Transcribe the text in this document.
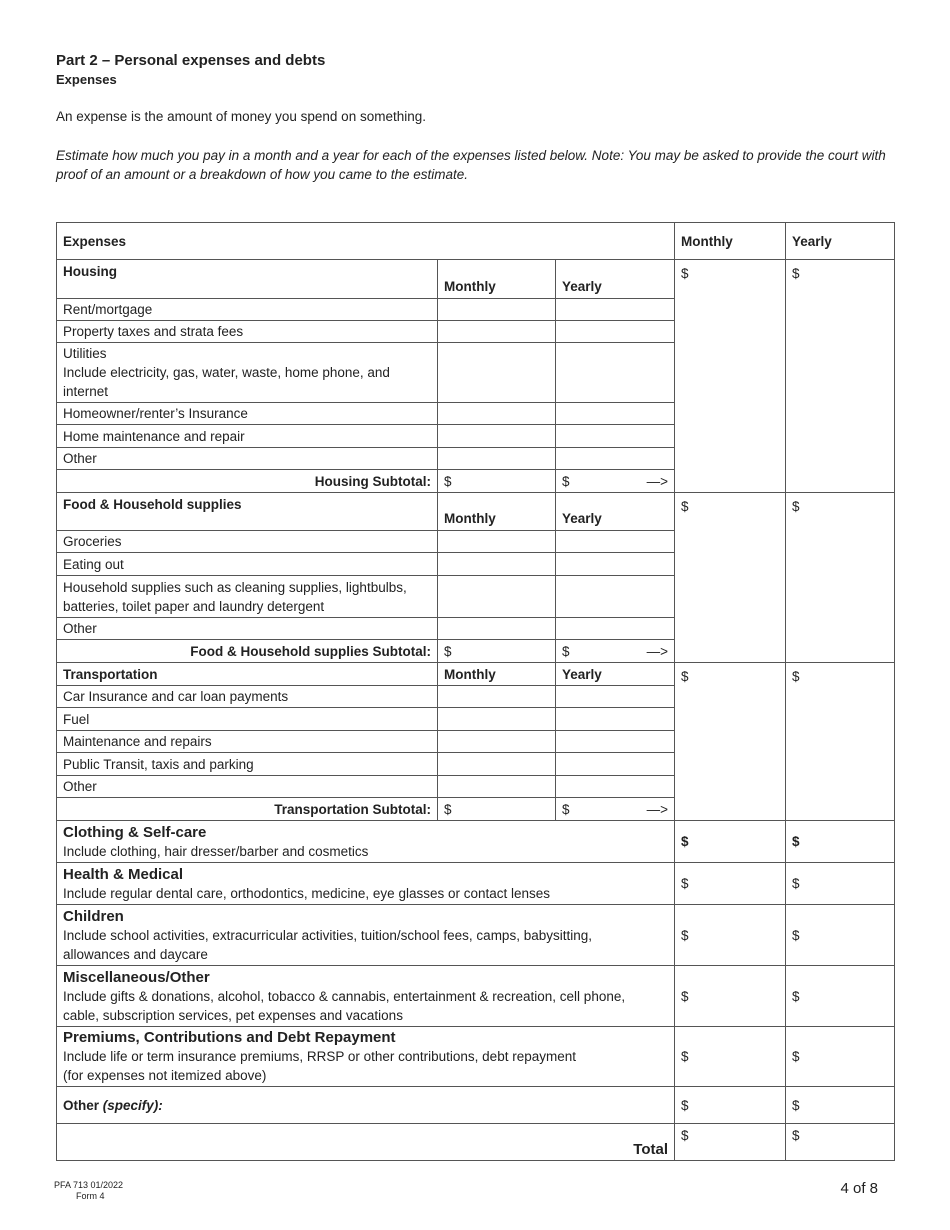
Part 2 – Personal expenses and debts
Expenses
An expense is the amount of money you spend on something.
Estimate how much you pay in a month and a year for each of the expenses listed below. Note: You may be asked to provide the court with proof of an amount or a breakdown of how you came to the estimate.
Expenses			Monthly	Yearly
Housing	Monthly	Yearly	$	$
Rent/mortgage				
Property taxes and strata fees				

Utilities
Include electricity, gas, water, waste, home phone, and internet				

Homeowner/renter’s Insurance				
Home maintenance and repair				
Other				
Housing Subtotal:	$	$ —>		

Food & Household supplies	Monthly	Yearly	$	$
Groceries				
Eating out				
Household supplies such as cleaning supplies, lightbulbs, batteries, toilet paper and laundry detergent				
Other				
Food & Household supplies Subtotal:	$	$ —>		

Transportation	Monthly	Yearly	$	$
Car Insurance and car loan payments				
Fuel				
Maintenance and repairs				
Public Transit, taxis and parking				
Other				
Transportation Subtotal:	$	$ —>		

Clothing & Self-care
Include clothing, hair dresser/barber and cosmetics			$	$

Health & Medical
Include regular dental care, orthodontics, medicine, eye glasses or contact lenses			$	$

Children
Include school activities, extracurricular activities, tuition/school fees, camps, babysitting, allowances and daycare			$	$

Miscellaneous/Other
Include gifts & donations, alcohol, tobacco & cannabis, entertainment & recreation, cell phone, cable, subscription services, pet expenses and vacations			$	$

Premiums, Contributions and Debt Repayment
Include life or term insurance premiums, RRSP or other contributions, debt repayment
(for expenses not itemized above)			$	$
Other (specify):			$	$
Total			$	$
PFA 713 01/2022
Form 4	4 of 8
